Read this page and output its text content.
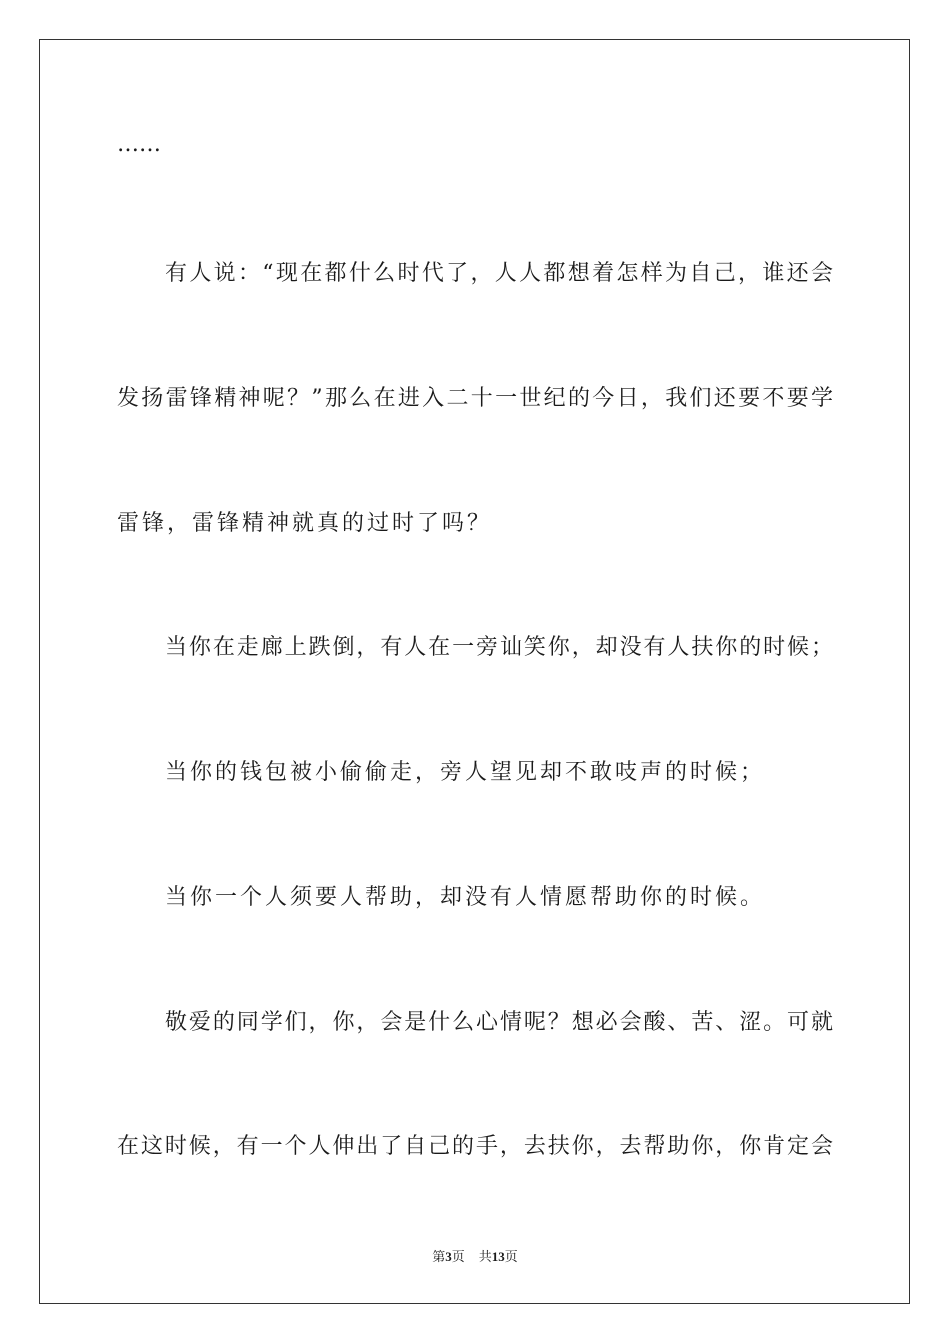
……
有人说：“现在都什么时代了，人人都想着怎样为自己，谁还会
发扬雷锋精神呢？”那么在进入二十一世纪的今日，我们还要不要学
雷锋，雷锋精神就真的过时了吗？
当你在走廊上跌倒，有人在一旁讪笑你，却没有人扶你的时候；
当你的钱包被小偷偷走，旁人望见却不敢吱声的时候；
当你一个人须要人帮助，却没有人情愿帮助你的时候。
敬爱的同学们，你，会是什么心情呢？想必会酸、苦、涩。可就
在这时候，有一个人伸出了自己的手，去扶你，去帮助你，你肯定会
第3页 共13页
